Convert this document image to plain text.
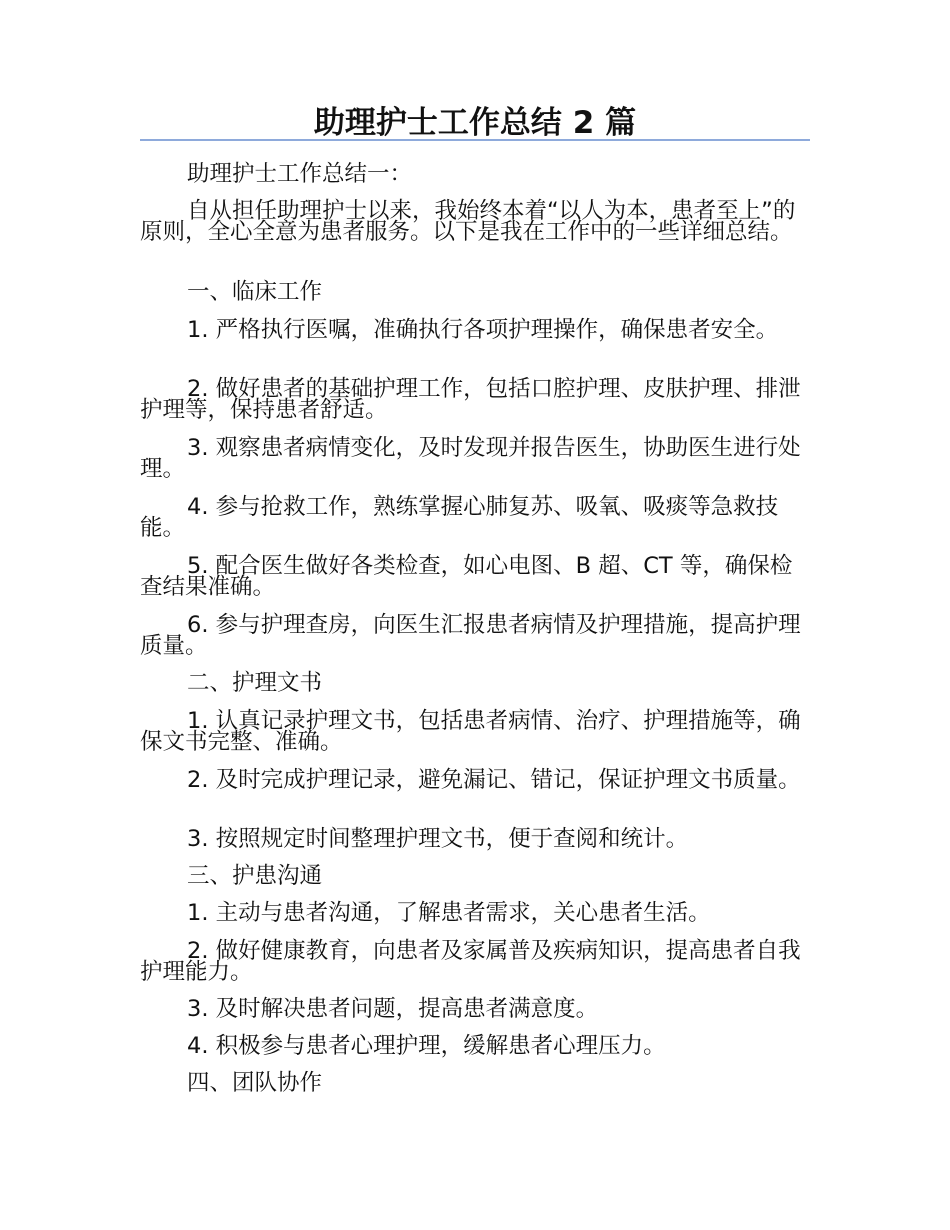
助理护士工作总结 2 篇
助理护士工作总结一：
自从担任助理护士以来，我始终本着“以人为本，患者至上”的原则，全心全意为患者服务。以下是我在工作中的一些详细总结。
一、临床工作
1. 严格执行医嘱，准确执行各项护理操作，确保患者安全。
2. 做好患者的基础护理工作，包括口腔护理、皮肤护理、排泄护理等，保持患者舒适。
3. 观察患者病情变化，及时发现并报告医生，协助医生进行处理。
4. 参与抢救工作，熟练掌握心肺复苏、吸氧、吸痰等急救技能。
5. 配合医生做好各类检查，如心电图、B 超、CT 等，确保检查结果准确。
6. 参与护理查房，向医生汇报患者病情及护理措施，提高护理质量。
二、护理文书
1. 认真记录护理文书，包括患者病情、治疗、护理措施等，确保文书完整、准确。
2. 及时完成护理记录，避免漏记、错记，保证护理文书质量。
3. 按照规定时间整理护理文书，便于查阅和统计。
三、护患沟通
1. 主动与患者沟通，了解患者需求，关心患者生活。
2. 做好健康教育，向患者及家属普及疾病知识，提高患者自我护理能力。
3. 及时解决患者问题，提高患者满意度。
4. 积极参与患者心理护理，缓解患者心理压力。
四、团队协作
